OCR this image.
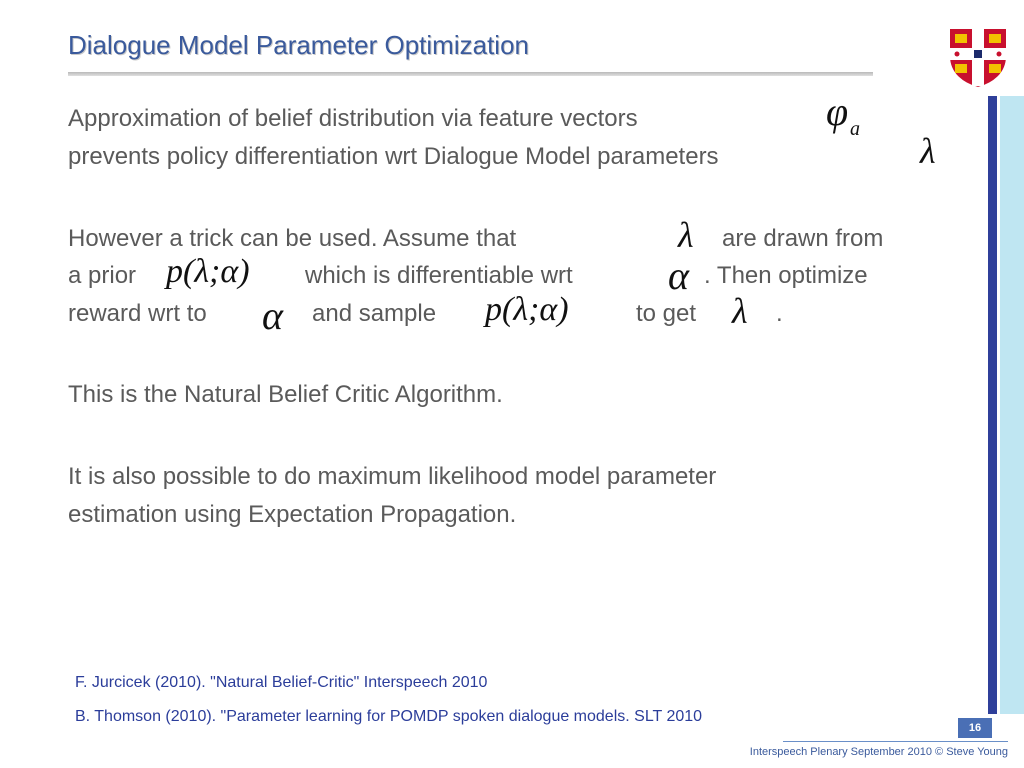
Dialogue Model Parameter Optimization
Approximation of belief distribution via feature vectors	φ a
prevents policy differentiation wrt Dialogue Model parameters	λ
However a trick can be used. Assume that	λ are drawn from
a prior p(λ;α) which is differentiable wrt α . Then optimize
reward wrt to α and sample p(λ;α)	to get λ .
This is the Natural Belief Critic Algorithm.
It is also possible to do maximum likelihood model parameter
estimation using Expectation Propagation.
F. Jurcicek (2010). "Natural Belief-Critic" Interspeech 2010
B. Thomson (2010). "Parameter learning for POMDP spoken dialogue models. SLT 2010
16
Interspeech Plenary September 2010 © Steve Young
